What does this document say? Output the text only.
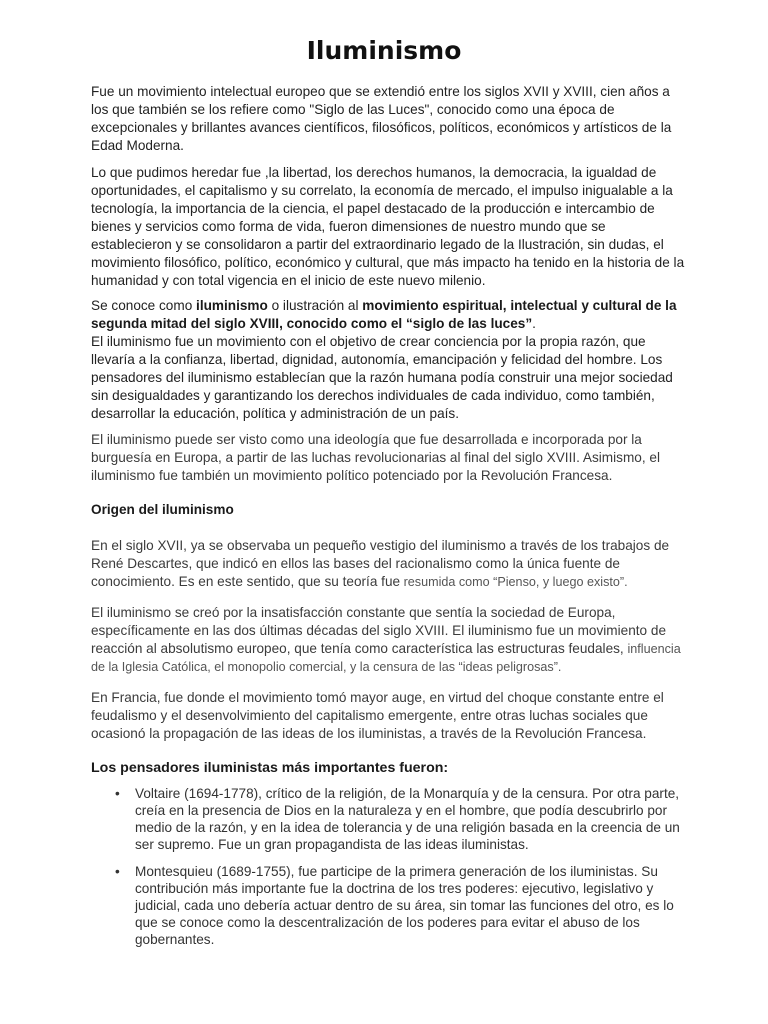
Iluminismo

Fue un movimiento intelectual europeo que se extendió entre los siglos XVII y XVIII, cien años a los que también se los refiere como "Siglo de las Luces", conocido como una época de excepcionales y brillantes avances científicos, filosóficos, políticos, económicos y artísticos de la Edad Moderna.

Lo que pudimos heredar fue ,la libertad, los derechos humanos, la democracia, la igualdad de oportunidades, el capitalismo y su correlato, la economía de mercado, el impulso inigualable a la tecnología, la importancia de la ciencia, el papel destacado de la producción e intercambio de bienes y servicios como forma de vida, fueron dimensiones de nuestro mundo que se establecieron y se consolidaron a partir del extraordinario legado de la Ilustración, sin dudas, el movimiento filosófico, político, económico y cultural, que más impacto ha tenido en la historia de la humanidad y con total vigencia en el inicio de este nuevo milenio.

Se conoce como iluminismo o ilustración al movimiento espiritual, intelectual y cultural de la segunda mitad del siglo XVIII, conocido como el “siglo de las luces”.
El iluminismo fue un movimiento con el objetivo de crear conciencia por la propia razón, que llevaría a la confianza, libertad, dignidad, autonomía, emancipación y felicidad del hombre. Los pensadores del iluminismo establecían que la razón humana podía construir una mejor sociedad sin desigualdades y garantizando los derechos individuales de cada individuo, como también, desarrollar la educación, política y administración de un país.

El iluminismo puede ser visto como una ideología que fue desarrollada e incorporada por la burguesía en Europa, a partir de las luchas revolucionarias al final del siglo XVIII. Asimismo, el iluminismo fue también un movimiento político potenciado por la Revolución Francesa.

Origen del iluminismo

En el siglo XVII, ya se observaba un pequeño vestigio del iluminismo a través de los trabajos de René Descartes, que indicó en ellos las bases del racionalismo como la única fuente de conocimiento. Es en este sentido, que su teoría fue resumida como “Pienso, y luego existo”.

El iluminismo se creó por la insatisfacción constante que sentía la sociedad de Europa, específicamente en las dos últimas décadas del siglo XVIII. El iluminismo fue un movimiento de reacción al absolutismo europeo, que tenía como característica las estructuras feudales, influencia de la Iglesia Católica, el monopolio comercial, y la censura de las “ideas peligrosas”.

En Francia, fue donde el movimiento tomó mayor auge, en virtud del choque constante entre el feudalismo y el desenvolvimiento del capitalismo emergente, entre otras luchas sociales que ocasionó la propagación de las ideas de los iluministas, a través de la Revolución Francesa.

Los pensadores iluministas más importantes fueron:
• Voltaire (1694-1778), crítico de la religión, de la Monarquía y de la censura. Por otra parte, creía en la presencia de Dios en la naturaleza y en el hombre, que podía descubrirlo por medio de la razón, y en la idea de tolerancia y de una religión basada en la creencia de un ser supremo. Fue un gran propagandista de las ideas iluministas.
• Montesquieu (1689-1755), fue participe de la primera generación de los iluministas. Su contribución más importante fue la doctrina de los tres poderes: ejecutivo, legislativo y judicial, cada uno debería actuar dentro de su área, sin tomar las funciones del otro, es lo que se conoce como la descentralización de los poderes para evitar el abuso de los gobernantes.
